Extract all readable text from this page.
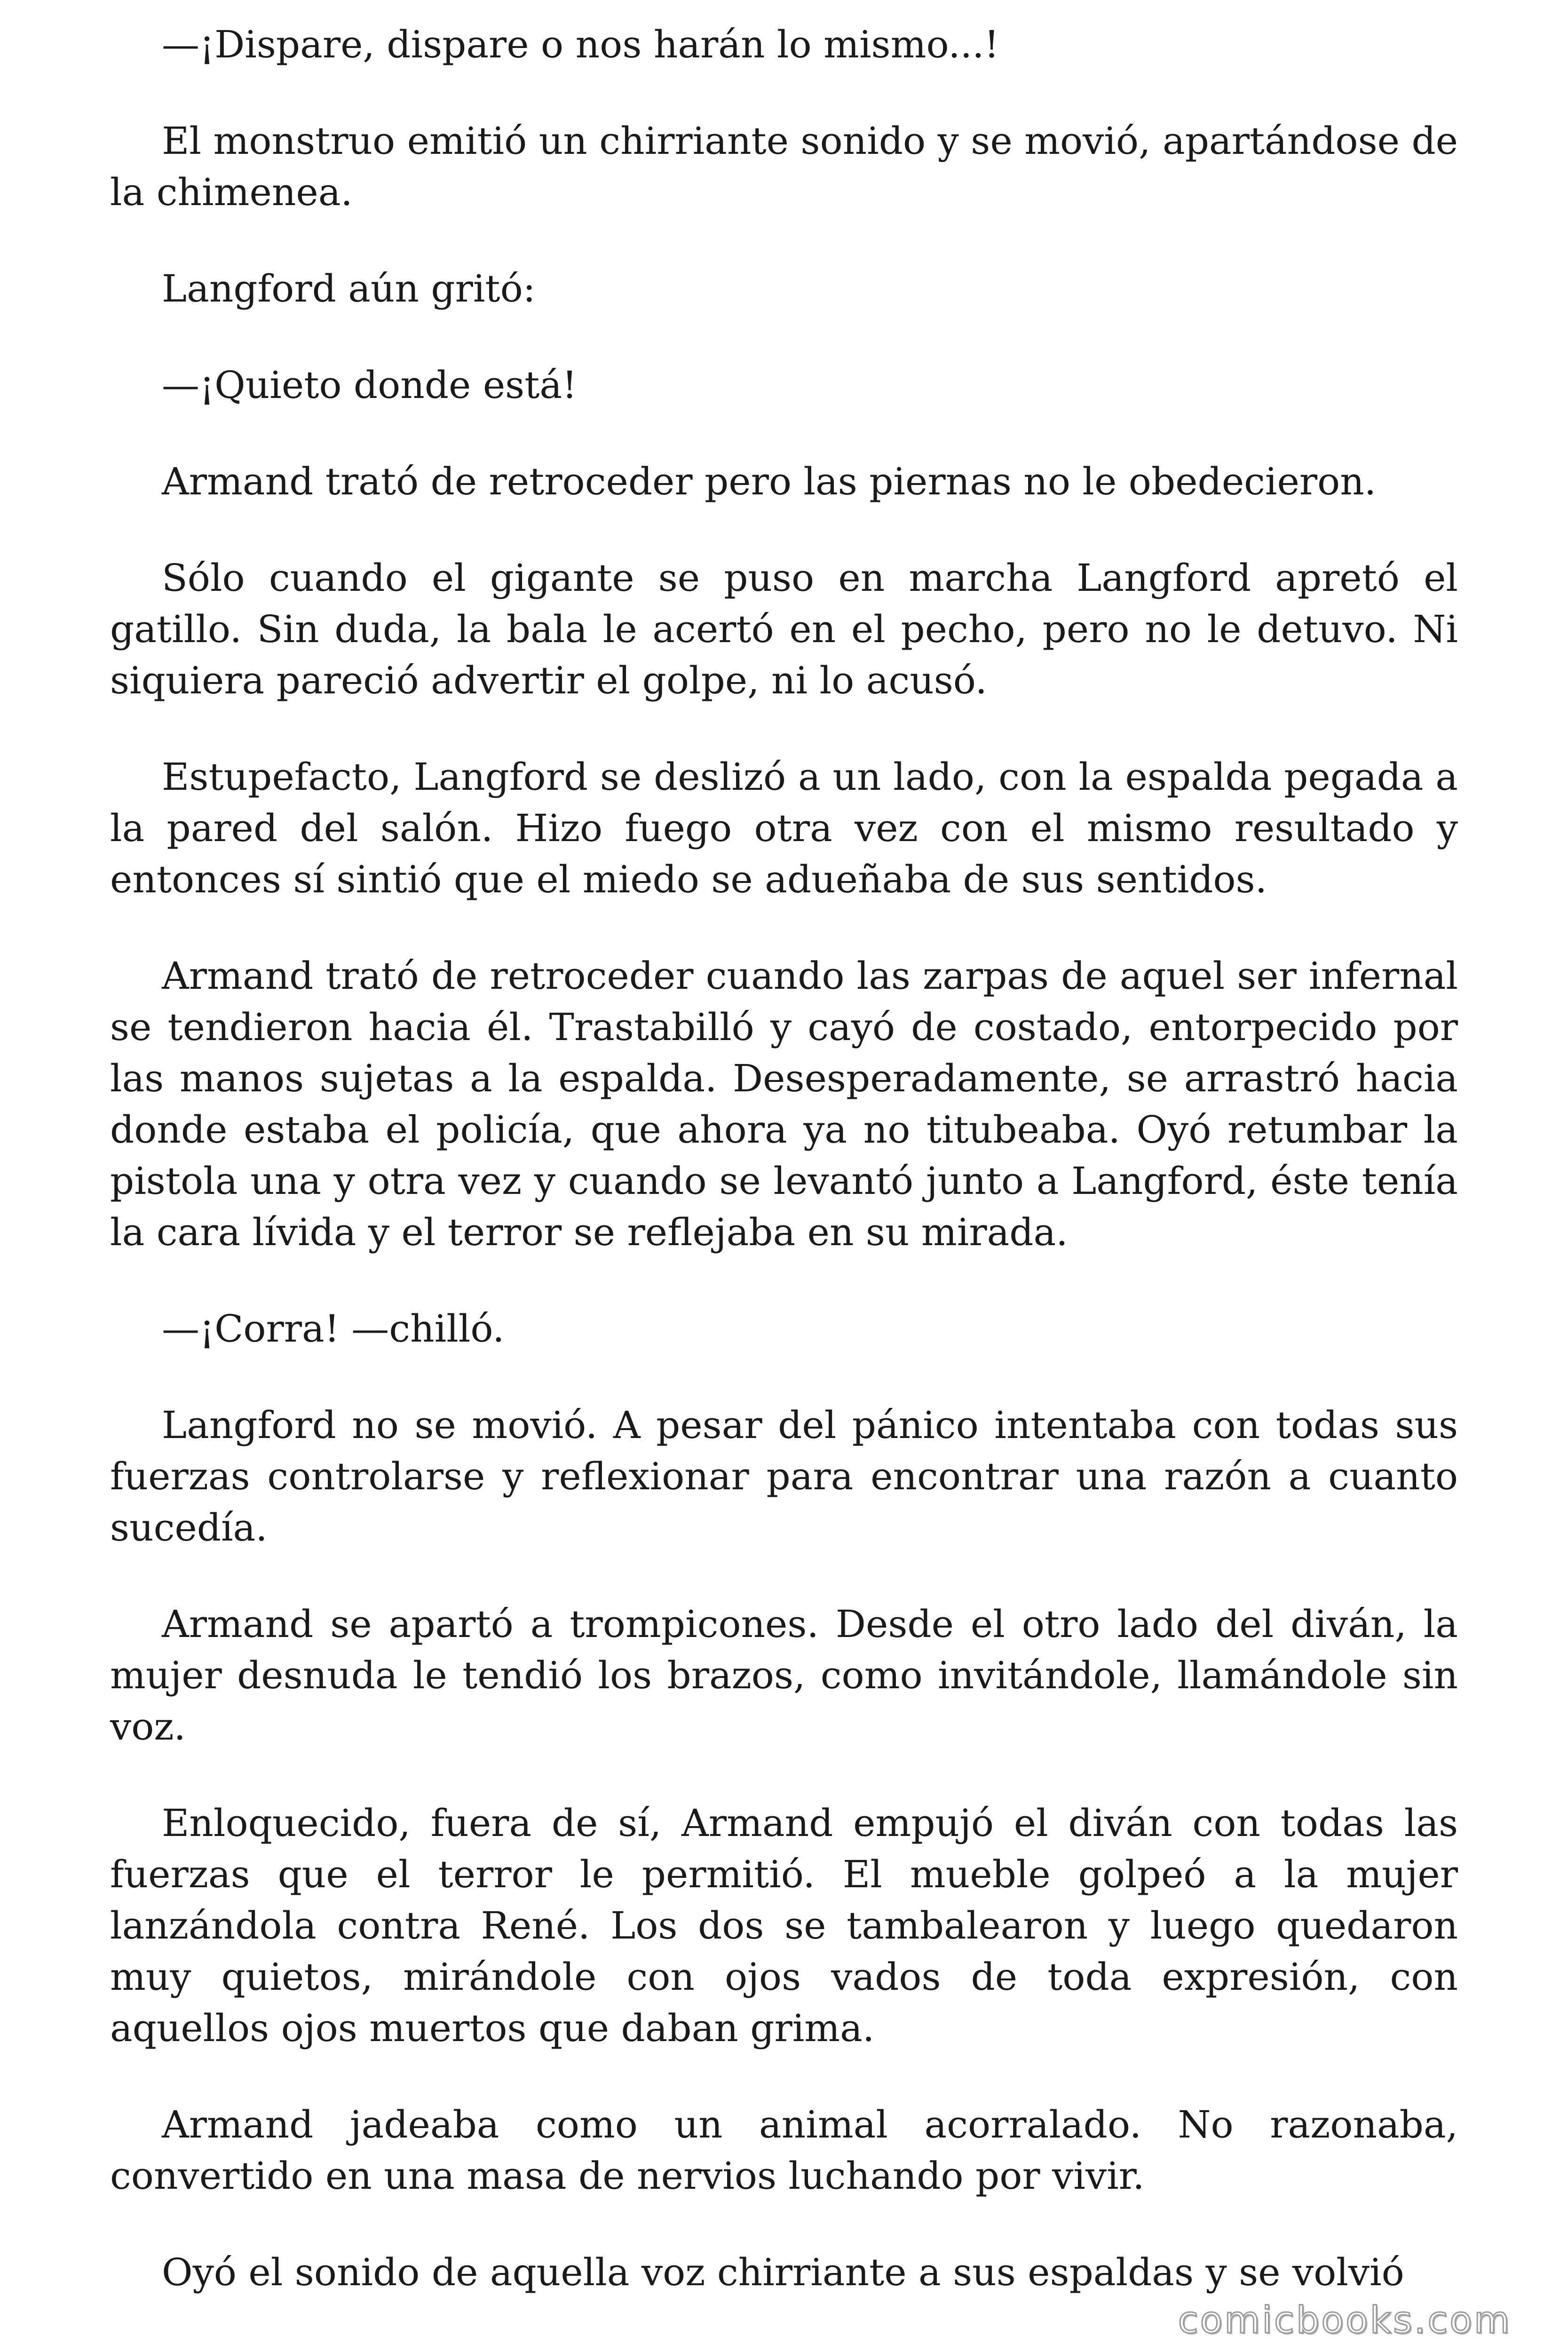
—¡Dispare, dispare o nos harán lo mismo...!

El monstruo emitió un chirriante sonido y se movió, apartándose de la chimenea.

Langford aún gritó:

—¡Quieto donde está!

Armand trató de retroceder pero las piernas no le obedecieron.

Sólo cuando el gigante se puso en marcha Langford apretó el gatillo. Sin duda, la bala le acertó en el pecho, pero no le detuvo. Ni siquiera pareció advertir el golpe, ni lo acusó.

Estupefacto, Langford se deslizó a un lado, con la espalda pegada a la pared del salón. Hizo fuego otra vez con el mismo resultado y entonces sí sintió que el miedo se adueñaba de sus sentidos.

Armand trató de retroceder cuando las zarpas de aquel ser infernal se tendieron hacia él. Trastabilló y cayó de costado, entorpecido por las manos sujetas a la espalda. Desesperadamente, se arrastró hacia donde estaba el policía, que ahora ya no titubeaba. Oyó retumbar la pistola una y otra vez y cuando se levantó junto a Langford, éste tenía la cara lívida y el terror se reflejaba en su mirada.

—¡Corra! —chilló.

Langford no se movió. A pesar del pánico intentaba con todas sus fuerzas controlarse y reflexionar para encontrar una razón a cuanto sucedía.

Armand se apartó a trompicones. Desde el otro lado del diván, la mujer desnuda le tendió los brazos, como invitándole, llamándole sin voz.

Enloquecido, fuera de sí, Armand empujó el diván con todas las fuerzas que el terror le permitió. El mueble golpeó a la mujer lanzándola contra René. Los dos se tambalearon y luego quedaron muy quietos, mirándole con ojos vados de toda expresión, con aquellos ojos muertos que daban grima.

Armand jadeaba como un animal acorralado. No razonaba, convertido en una masa de nervios luchando por vivir.

Oyó el sonido de aquella voz chirriante a sus espaldas y se volvió

comicbooks.com
